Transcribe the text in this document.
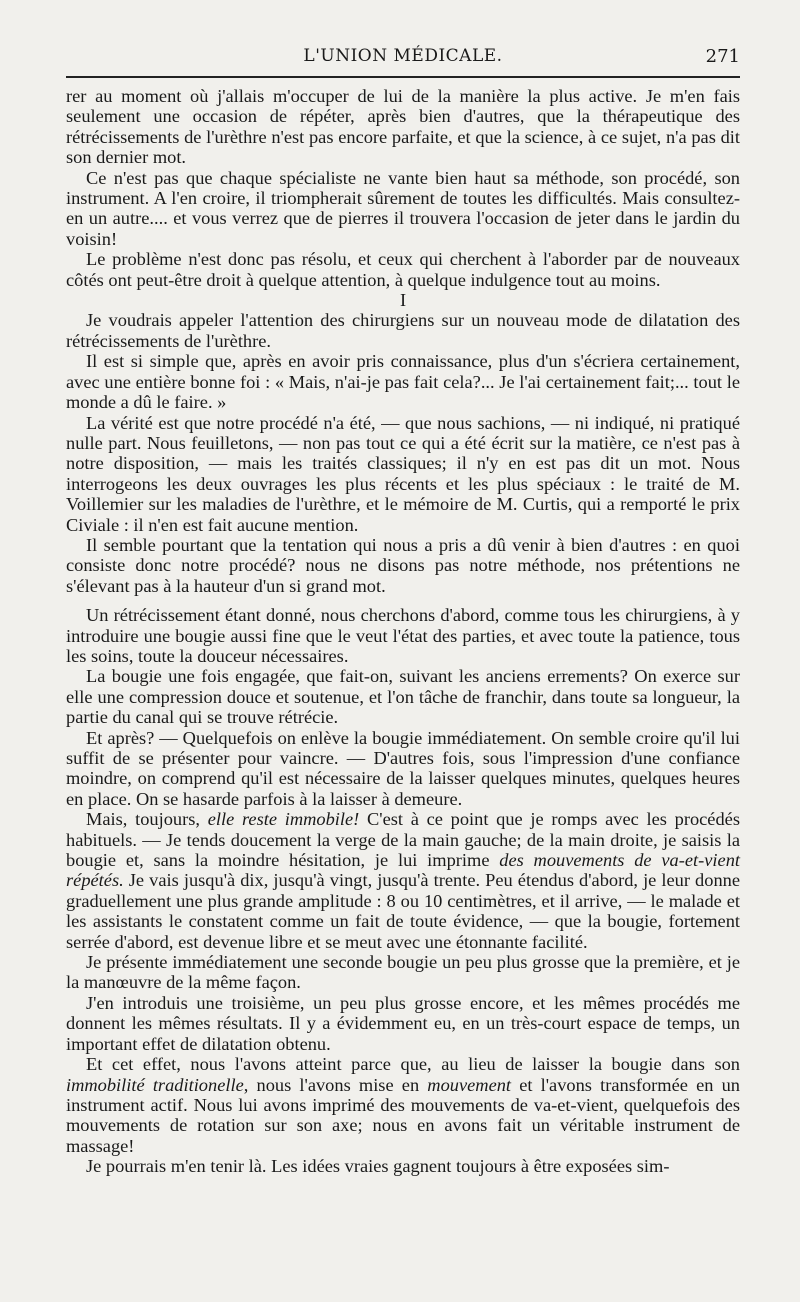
L'UNION MÉDICALE.	271

rer au moment où j'allais m'occuper de lui de la manière la plus active. Je m'en fais seulement une occasion de répéter, après bien d'autres, que la thérapeutique des rétrécissements de l'urèthre n'est pas encore parfaite, et que la science, à ce sujet, n'a pas dit son dernier mot.

Ce n'est pas que chaque spécialiste ne vante bien haut sa méthode, son procédé, son instrument. A l'en croire, il triompherait sûrement de toutes les difficultés. Mais consultez-en un autre.... et vous verrez que de pierres il trouvera l'occasion de jeter dans le jardin du voisin!

Le problème n'est donc pas résolu, et ceux qui cherchent à l'aborder par de nouveaux côtés ont peut-être droit à quelque attention, à quelque indulgence tout au moins.

I

Je voudrais appeler l'attention des chirurgiens sur un nouveau mode de dilatation des rétrécissements de l'urèthre.

Il est si simple que, après en avoir pris connaissance, plus d'un s'écriera certainement, avec une entière bonne foi : « Mais, n'ai-je pas fait cela?... Je l'ai certainement fait;... tout le monde a dû le faire. »

La vérité est que notre procédé n'a été, — que nous sachions, — ni indiqué, ni pratiqué nulle part. Nous feuilletons, — non pas tout ce qui a été écrit sur la matière, ce n'est pas à notre disposition, — mais les traités classiques; il n'y en est pas dit un mot. Nous interrogeons les deux ouvrages les plus récents et les plus spéciaux : le traité de M. Voillemier sur les maladies de l'urèthre, et le mémoire de M. Curtis, qui a remporté le prix Civiale : il n'en est fait aucune mention.

Il semble pourtant que la tentation qui nous a pris a dû venir à bien d'autres : en quoi consiste donc notre procédé? nous ne disons pas notre méthode, nos prétentions ne s'élevant pas à la hauteur d'un si grand mot.

Un rétrécissement étant donné, nous cherchons d'abord, comme tous les chirurgiens, à y introduire une bougie aussi fine que le veut l'état des parties, et avec toute la patience, tous les soins, toute la douceur nécessaires.

La bougie une fois engagée, que fait-on, suivant les anciens errements? On exerce sur elle une compression douce et soutenue, et l'on tâche de franchir, dans toute sa longueur, la partie du canal qui se trouve rétrécie.

Et après? — Quelquefois on enlève la bougie immédiatement. On semble croire qu'il lui suffit de se présenter pour vaincre. — D'autres fois, sous l'impression d'une confiance moindre, on comprend qu'il est nécessaire de la laisser quelques minutes, quelques heures en place. On se hasarde parfois à la laisser à demeure.

Mais, toujours, elle reste immobile! C'est à ce point que je romps avec les procédés habituels. — Je tends doucement la verge de la main gauche; de la main droite, je saisis la bougie et, sans la moindre hésitation, je lui imprime des mouvements de va-et-vient répétés. Je vais jusqu'à dix, jusqu'à vingt, jusqu'à trente. Peu étendus d'abord, je leur donne graduellement une plus grande amplitude : 8 ou 10 centimètres, et il arrive, — le malade et les assistants le constatent comme un fait de toute évidence, — que la bougie, fortement serrée d'abord, est devenue libre et se meut avec une étonnante facilité.

Je présente immédiatement une seconde bougie un peu plus grosse que la première, et je la manœuvre de la même façon.

J'en introduis une troisième, un peu plus grosse encore, et les mêmes procédés me donnent les mêmes résultats. Il y a évidemment eu, en un très-court espace de temps, un important effet de dilatation obtenu.

Et cet effet, nous l'avons atteint parce que, au lieu de laisser la bougie dans son immobilité traditionelle, nous l'avons mise en mouvement et l'avons transformée en un instrument actif. Nous lui avons imprimé des mouvements de va-et-vient, quelquefois des mouvements de rotation sur son axe; nous en avons fait un véritable instrument de massage!

Je pourrais m'en tenir là. Les idées vraies gagnent toujours à être exposées sim-
